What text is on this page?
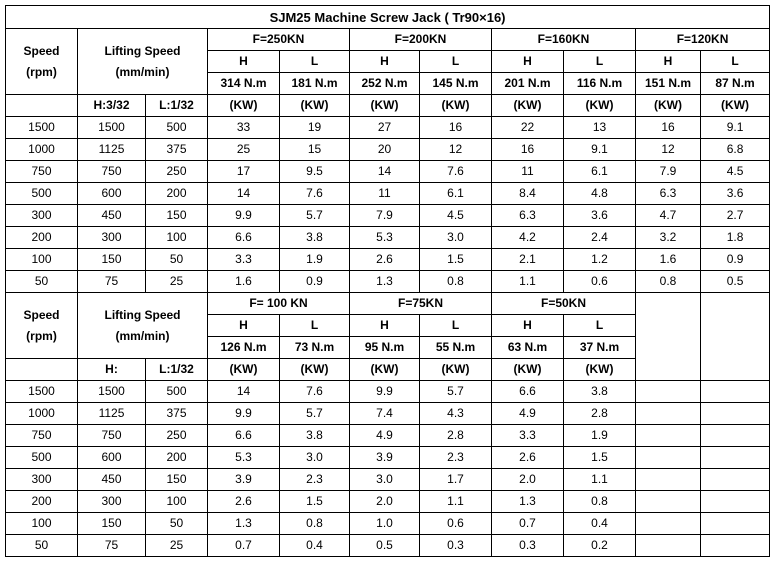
SJM25 Machine Screw Jack ( Tr90×16)										
Speed
(rpm)	Lifting Speed
(mm/min)		F=250KN		F=200KN		F=160KN		F=120KN	
			H	L	H	L	H	L	H	L
			314 N.m	181 N.m	252 N.m	145 N.m	201 N.m	116 N.m	151 N.m	87 N.m
	H:3/32	L:1/32	(KW)	(KW)	(KW)	(KW)	(KW)	(KW)	(KW)	(KW)
1500	1500	500	33	19	27	16	22	13	16	9.1
1000	1125	375	25	15	20	12	16	9.1	12	6.8
750	750	250	17	9.5	14	7.6	11	6.1	7.9	4.5
500	600	200	14	7.6	11	6.1	8.4	4.8	6.3	3.6
300	450	150	9.9	5.7	7.9	4.5	6.3	3.6	4.7	2.7
200	300	100	6.6	3.8	5.3	3.0	4.2	2.4	3.2	1.8
100	150	50	3.3	1.9	2.6	1.5	2.1	1.2	1.6	0.9
50	75	25	1.6	0.9	1.3	0.8	1.1	0.6	0.8	0.5
Speed
(rpm)	Lifting Speed
(mm/min)		F= 100 KN		F=75KN		F=50KN			
			H	L	H	L	H	L		
			126 N.m	73 N.m	95 N.m	55 N.m	63 N.m	37 N.m		
	H:	L:1/32	(KW)	(KW)	(KW)	(KW)	(KW)	(KW)		
1500	1500	500	14	7.6	9.9	5.7	6.6	3.8		
1000	1125	375	9.9	5.7	7.4	4.3	4.9	2.8		
750	750	250	6.6	3.8	4.9	2.8	3.3	1.9		
500	600	200	5.3	3.0	3.9	2.3	2.6	1.5		
300	450	150	3.9	2.3	3.0	1.7	2.0	1.1		
200	300	100	2.6	1.5	2.0	1.1	1.3	0.8		
100	150	50	1.3	0.8	1.0	0.6	0.7	0.4		
50	75	25	0.7	0.4	0.5	0.3	0.3	0.2		
